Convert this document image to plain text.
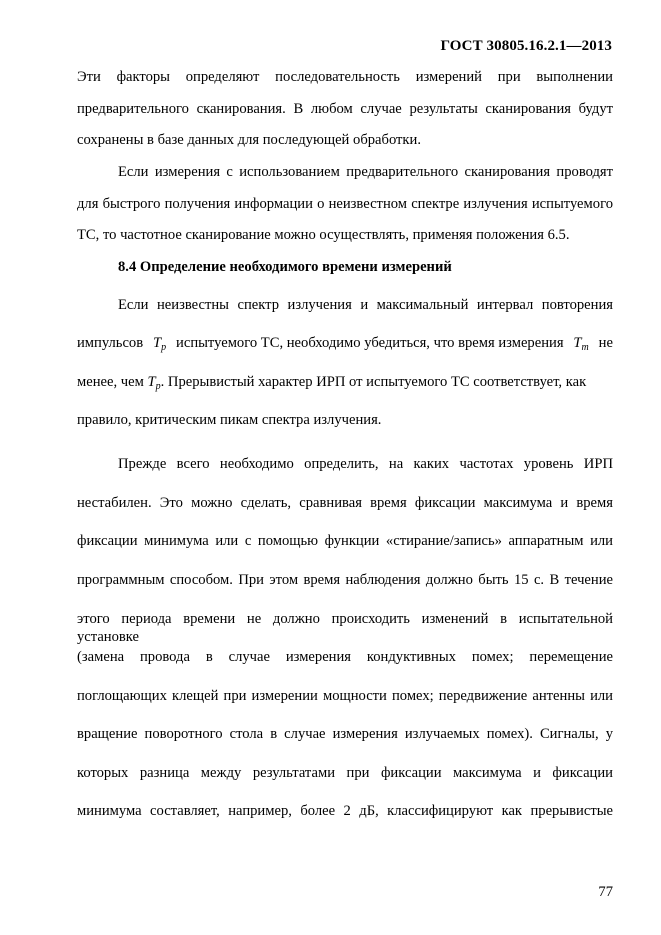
ГОСТ 30805.16.2.1—2013
Эти факторы определяют последовательность измерений при выполнении
предварительного сканирования. В любом случае результаты сканирования будут
сохранены в базе данных для последующей обработки.
Если измерения с использованием предварительного сканирования проводят
для быстрого получения информации о неизвестном спектре излучения испытуемого
ТС, то частотное сканирование можно осуществлять, применяя положения 6.5.
8.4 Определение необходимого времени измерений
Если неизвестны спектр излучения и максимальный интервал повторения
импульсов $T_p$ испытуемого ТС, необходимо убедиться, что время измерения $T_m$ не
менее, чем $T_p$. Прерывистый характер ИРП от испытуемого ТС соответствует, как
правило, критическим пикам спектра излучения.
Прежде всего необходимо определить, на каких частотах уровень ИРП
нестабилен. Это можно сделать, сравнивая время фиксации максимума и время
фиксации минимума или с помощью функции «стирание/запись» аппаратным или
программным способом. При этом время наблюдения должно быть 15 с. В течение
этого периода времени не должно происходить изменений в испытательной установке
(замена провода в случае измерения кондуктивных помех; перемещение
поглощающих клещей при измерении мощности помех; передвижение антенны или
вращение поворотного стола в случае измерения излучаемых помех). Сигналы, у
которых разница между результатами при фиксации максимума и фиксации
минимума составляет, например, более 2 дБ, классифицируют как прерывистые
77
